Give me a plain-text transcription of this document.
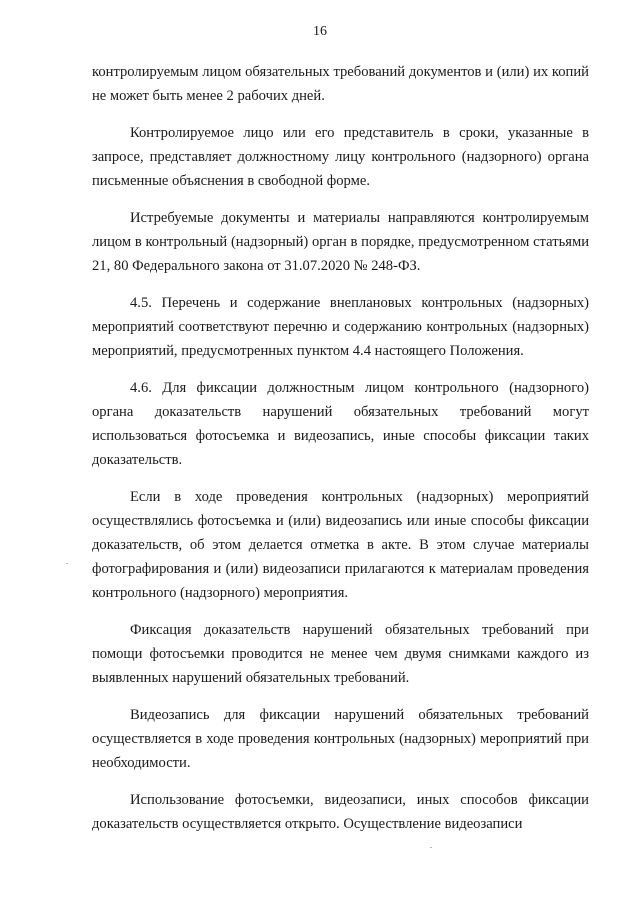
16

контролируемым лицом обязательных требований документов и (или) их копий не может быть менее 2 рабочих дней.

Контролируемое лицо или его представитель в сроки, указанные в запросе, представляет должностному лицу контрольного (надзорного) органа письменные объяснения в свободной форме.

Истребуемые документы и материалы направляются контролируемым лицом в контрольный (надзорный) орган в порядке, предусмотренном статьями 21, 80 Федерального закона от 31.07.2020 № 248-ФЗ.

4.5. Перечень и содержание внеплановых контрольных (надзорных) мероприятий соответствуют перечню и содержанию контрольных (надзорных) мероприятий, предусмотренных пунктом 4.4 настоящего Положения.

4.6. Для фиксации должностным лицом контрольного (надзорного) органа доказательств нарушений обязательных требований могут использоваться фотосъемка и видеозапись, иные способы фиксации таких доказательств.

Если в ходе проведения контрольных (надзорных) мероприятий осуществлялись фотосъемка и (или) видеозапись или иные способы фиксации доказательств, об этом делается отметка в акте. В этом случае материалы фотографирования и (или) видеозаписи прилагаются к материалам проведения контрольного (надзорного) мероприятия.

Фиксация доказательств нарушений обязательных требований при помощи фотосъемки проводится не менее чем двумя снимками каждого из выявленных нарушений обязательных требований.

Видеозапись для фиксации нарушений обязательных требований осуществляется в ходе проведения контрольных (надзорных) мероприятий при необходимости.

Использование фотосъемки, видеозаписи, иных способов фиксации доказательств осуществляется открыто. Осуществление видеозаписи
